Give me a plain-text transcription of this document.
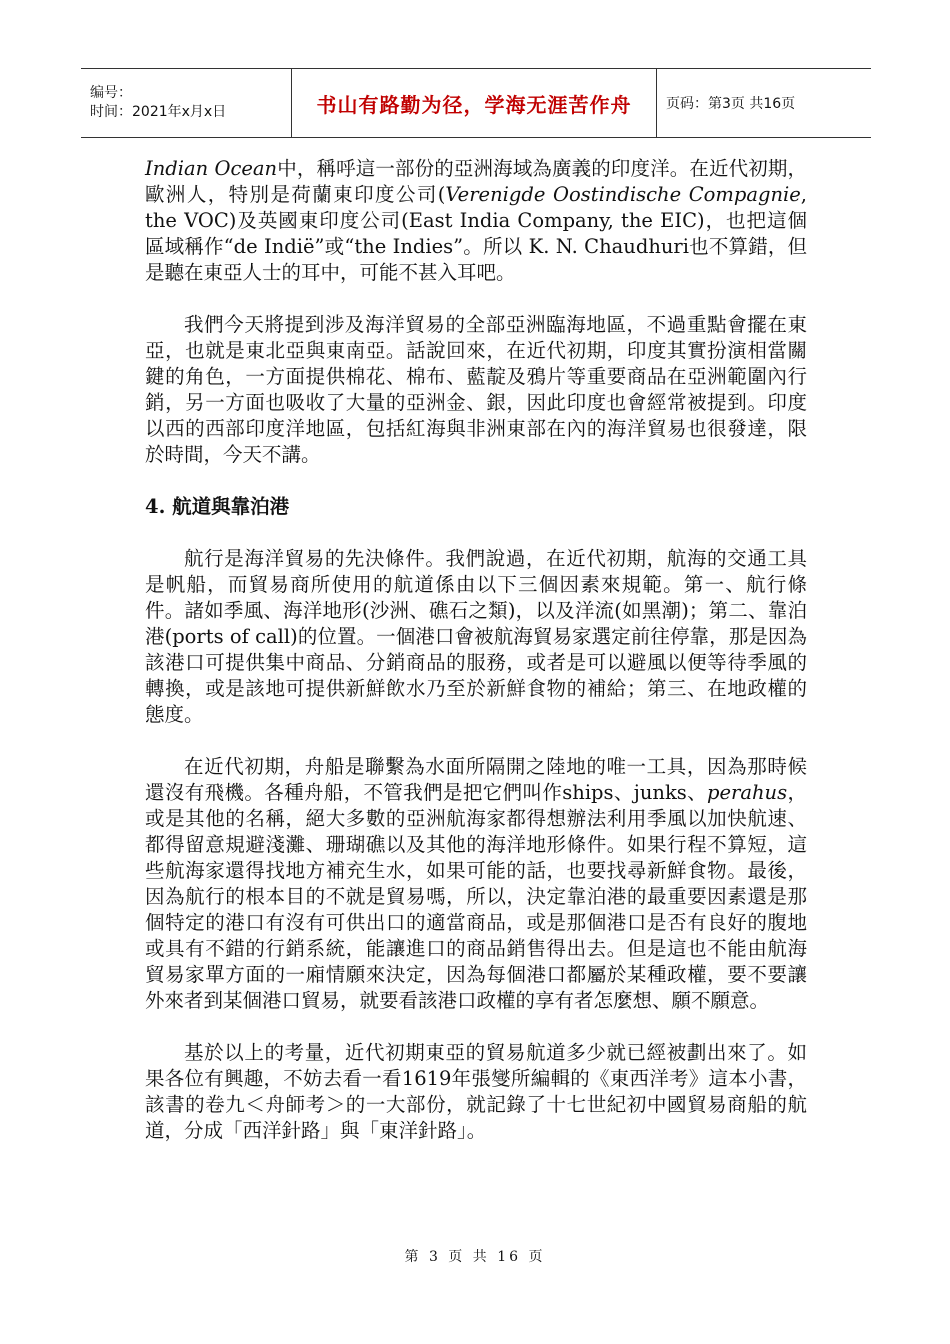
编号：
时间：2021年x月x日	书山有路勤为径，学海无涯苦作舟 页码：第3页 共16页

Indian Ocean中，稱呼這一部份的亞洲海域為廣義的印度洋。在近代初期，歐洲人，特別是荷蘭東印度公司(Verenigde Oostindische Compagnie, the VOC)及英國東印度公司(East India Company, the EIC)，也把這個區域稱作“de Indië”或“the Indies”。所以 K. N. Chaudhuri也不算錯，但是聽在東亞人士的耳中，可能不甚入耳吧。

我們今天將提到涉及海洋貿易的全部亞洲臨海地區，不過重點會擺在東亞，也就是東北亞與東南亞。話說回來，在近代初期，印度其實扮演相當關鍵的角色，一方面提供棉花、棉布、藍靛及鴉片等重要商品在亞洲範圍內行銷，另一方面也吸收了大量的亞洲金、銀，因此印度也會經常被提到。印度以西的西部印度洋地區，包括紅海與非洲東部在內的海洋貿易也很發達，限於時間，今天不講。

4. 航道與靠泊港

航行是海洋貿易的先決條件。我們說過，在近代初期，航海的交通工具是帆船，而貿易商所使用的航道係由以下三個因素來規範。第一、航行條件。諸如季風、海洋地形(沙洲、礁石之類)，以及洋流(如黑潮)；第二、靠泊港(ports of call)的位置。一個港口會被航海貿易家選定前往停靠，那是因為該港口可提供集中商品、分銷商品的服務，或者是可以避風以便等待季風的轉換，或是該地可提供新鮮飲水乃至於新鮮食物的補給；第三、在地政權的態度。

在近代初期，舟船是聯繫為水面所隔開之陸地的唯一工具，因為那時候還沒有飛機。各種舟船，不管我們是把它們叫作ships、junks、perahus，或是其他的名稱，絕大多數的亞洲航海家都得想辦法利用季風以加快航速、都得留意規避淺灘、珊瑚礁以及其他的海洋地形條件。如果行程不算短，這些航海家還得找地方補充生水，如果可能的話，也要找尋新鮮食物。最後，因為航行的根本目的不就是貿易嗎，所以，決定靠泊港的最重要因素還是那個特定的港口有沒有可供出口的適當商品，或是那個港口是否有良好的腹地或具有不錯的行銷系統，能讓進口的商品銷售得出去。但是這也不能由航海貿易家單方面的一廂情願來決定，因為每個港口都屬於某種政權，要不要讓外來者到某個港口貿易，就要看該港口政權的享有者怎麼想、願不願意。

基於以上的考量，近代初期東亞的貿易航道多少就已經被劃出來了。如果各位有興趣，不妨去看一看1619年張燮所編輯的《東西洋考》這本小書，該書的卷九＜舟師考＞的一大部份，就記錄了十七世紀初中國貿易商船的航道，分成「西洋針路」與「東洋針路」。

第 3 页 共 16 页
